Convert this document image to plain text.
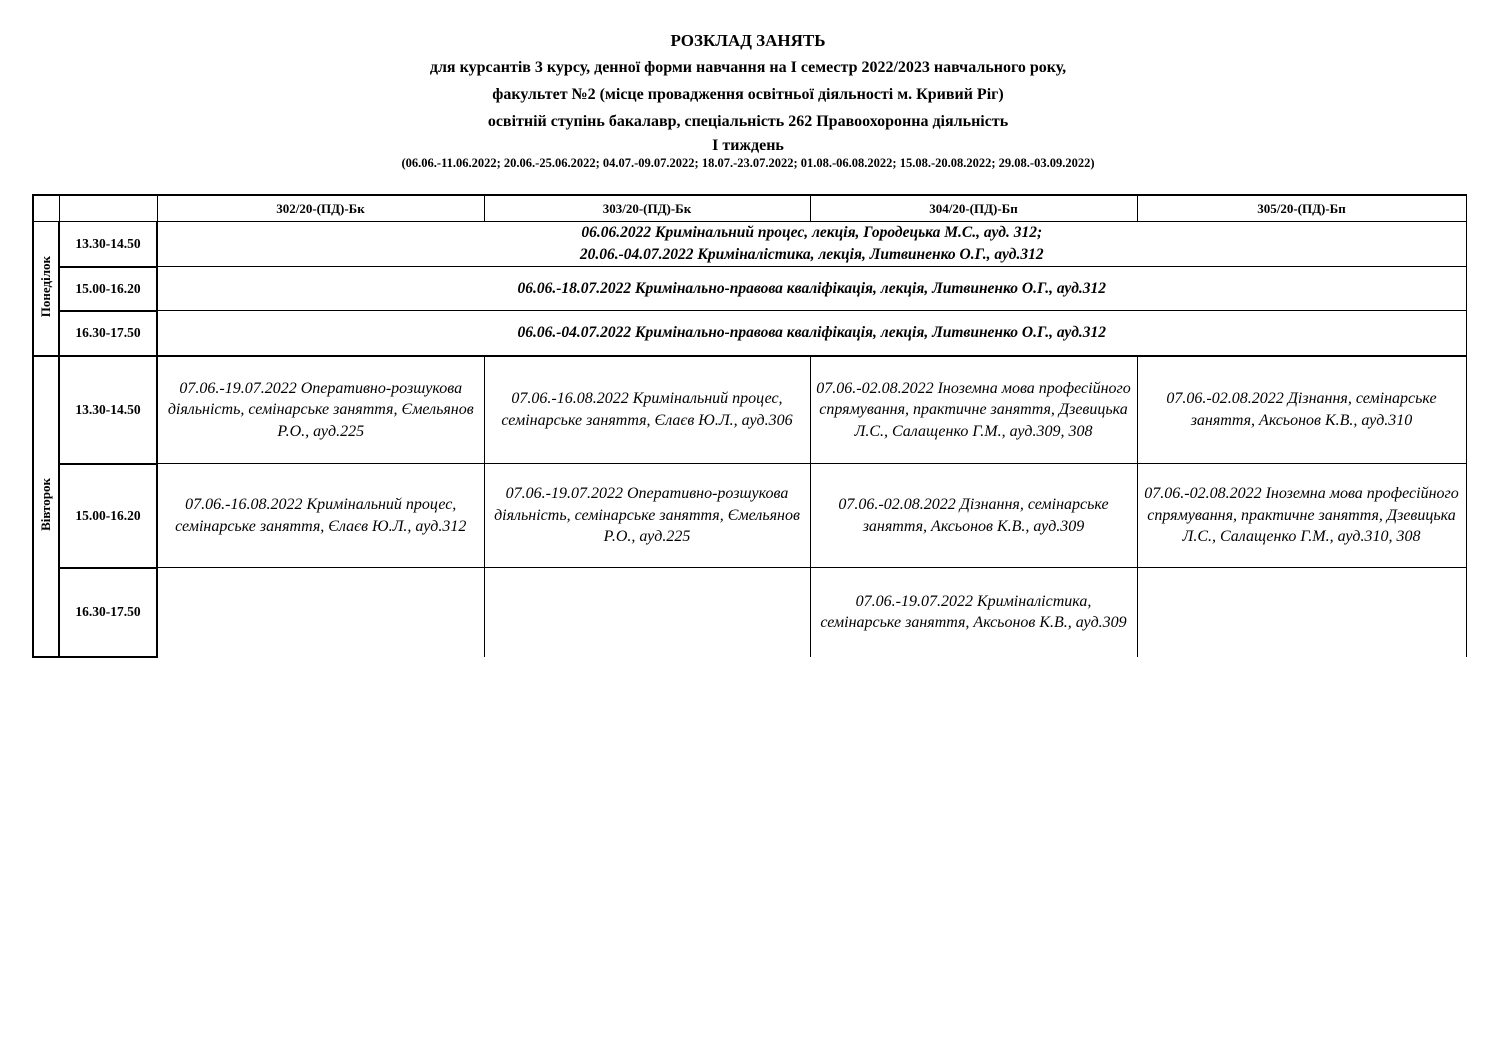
РОЗКЛАД ЗАНЯТЬ
для курсантів 3 курсу, денної форми навчання на І семестр 2022/2023 навчального року,
факультет №2 (місце провадження освітньої діяльності м. Кривий Ріг)
освітній ступінь бакалавр, спеціальність 262 Правоохоронна діяльність
І тиждень
(06.06.-11.06.2022; 20.06.-25.06.2022; 04.07.-09.07.2022; 18.07.-23.07.2022; 01.08.-06.08.2022; 15.08.-20.08.2022; 29.08.-03.09.2022)
		302/20-(ПД)-Бк	303/20-(ПД)-Бк	304/20-(ПД)-Бп	305/20-(ПД)-Бп
Понеділок	13.30-14.50	06.06.2022 Кримінальний процес, лекція, Городецька М.С., ауд. 312;
20.06.-04.07.2022 Криміналістика, лекція, Литвиненко О.Г., ауд.312			

	15.00-16.20	06.06.-18.07.2022 Кримінально-правова кваліфікація, лекція, Литвиненко О.Г., ауд.312			

	16.30-17.50	06.06.-04.07.2022 Кримінально-правова кваліфікація, лекція, Литвиненко О.Г., ауд.312			

Вівторок	13.30-14.50	07.06.-19.07.2022 Оперативно-розшукова діяльність, семінарське заняття, Ємельянов Р.О., ауд.225	07.06.-16.08.2022 Кримінальний процес, семінарське заняття, Єлаєв Ю.Л., ауд.306	07.06.-02.08.2022 Іноземна мова професійного спрямування, практичне заняття, Дзевицька Л.С., Салащенко Г.М., ауд.309, 308	07.06.-02.08.2022 Дізнання, семінарське заняття, Аксьонов К.В., ауд.310
	15.00-16.20	07.06.-16.08.2022 Кримінальний процес, семінарське заняття, Єлаєв Ю.Л., ауд.312	07.06.-19.07.2022 Оперативно-розшукова діяльність, семінарське заняття, Ємельянов Р.О., ауд.225	07.06.-02.08.2022 Дізнання, семінарське заняття, Аксьонов К.В., ауд.309	07.06.-02.08.2022 Іноземна мова професійного спрямування, практичне заняття, Дзевицька Л.С., Салащенко Г.М., ауд.310, 308
	16.30-17.50			07.06.-19.07.2022 Криміналістика, семінарське заняття, Аксьонов К.В., ауд.309	
